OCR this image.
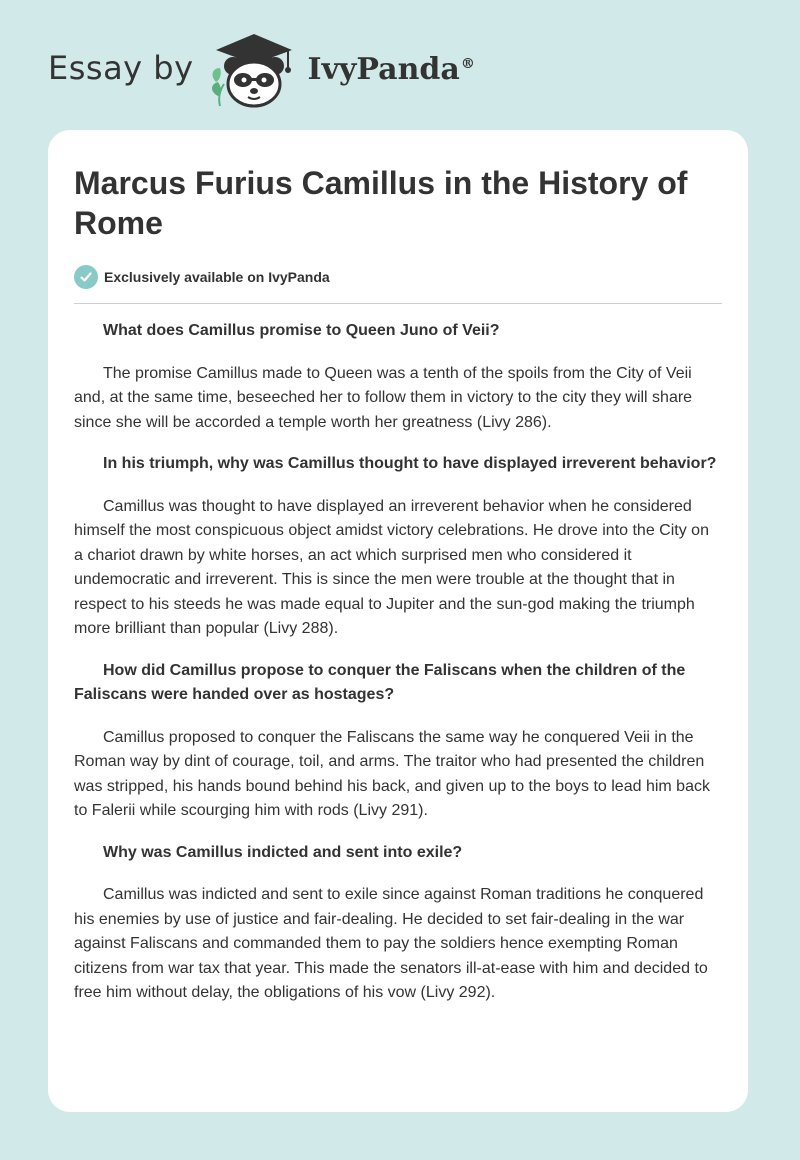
Essay by	IvyPanda®
Marcus Furius Camillus in the History of Rome
Exclusively available on IvyPanda

What does Camillus promise to Queen Juno of Veii?

The promise Camillus made to Queen was a tenth of the spoils from the City of Veii and, at the same time, beseeched her to follow them in victory to the city they will share since she will be accorded a temple worth her greatness (Livy 286).

In his triumph, why was Camillus thought to have displayed irreverent behavior?

Camillus was thought to have displayed an irreverent behavior when he considered himself the most conspicuous object amidst victory celebrations. He drove into the City on a chariot drawn by white horses, an act which surprised men who considered it undemocratic and irreverent. This is since the men were trouble at the thought that in respect to his steeds he was made equal to Jupiter and the sun-god making the triumph more brilliant than popular (Livy 288).

How did Camillus propose to conquer the Faliscans when the children of the Faliscans were handed over as hostages?

Camillus proposed to conquer the Faliscans the same way he conquered Veii in the Roman way by dint of courage, toil, and arms. The traitor who had presented the children was stripped, his hands bound behind his back, and given up to the boys to lead him back to Falerii while scourging him with rods (Livy 291).

Why was Camillus indicted and sent into exile?

Camillus was indicted and sent to exile since against Roman traditions he conquered his enemies by use of justice and fair-dealing. He decided to set fair-dealing in the war against Faliscans and commanded them to pay the soldiers hence exempting Roman citizens from war tax that year. This made the senators ill-at-ease with him and decided to free him without delay, the obligations of his vow (Livy 292).
